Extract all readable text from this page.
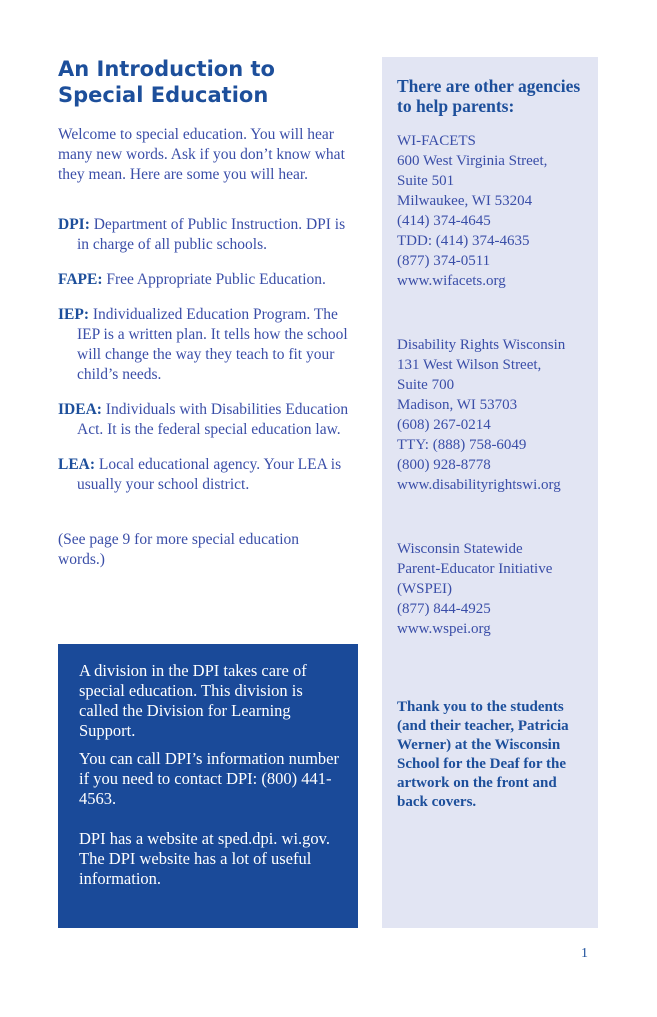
An Introduction to
Special Education

Welcome to special education. You will hear many new words. Ask if you don’t know what they mean. Here are some you will hear.

DPI: Department of Public Instruction. DPI is in charge of all public schools.

FAPE: Free Appropriate Public Education.

IEP: Individualized Education Program. The IEP is a written plan. It tells how the school will change the way they teach to fit your child’s needs.

IDEA: Individuals with Disabilities Education Act. It is the federal special education law.

LEA: Local educational agency. Your LEA is usually your school district.

(See page 9 for more special education words.)

A division in the DPI takes care of special education. This division is called the Division for Learning Support.

You can call DPI’s information number if you need to contact DPI: (800) 441-4563.

DPI has a website at sped.dpi. wi.gov. The DPI website has a lot of useful information.

There are other agencies to help parents:

WI-FACETS
600 West Virginia Street,
Suite 501
Milwaukee, WI 53204
(414) 374-4645
TDD: (414) 374-4635
(877) 374-0511
www.wifacets.org
Disability Rights Wisconsin
131 West Wilson Street,
Suite 700
Madison, WI 53703
(608) 267-0214
TTY: (888) 758-6049
(800) 928-8778
www.disabilityrightswi.org
Wisconsin Statewide
Parent-Educator Initiative
(WSPEI)
(877) 844-4925
www.wspei.org

Thank you to the students (and their teacher, Patricia Werner) at the Wisconsin School for the Deaf for the artwork on the front and back covers.

1
